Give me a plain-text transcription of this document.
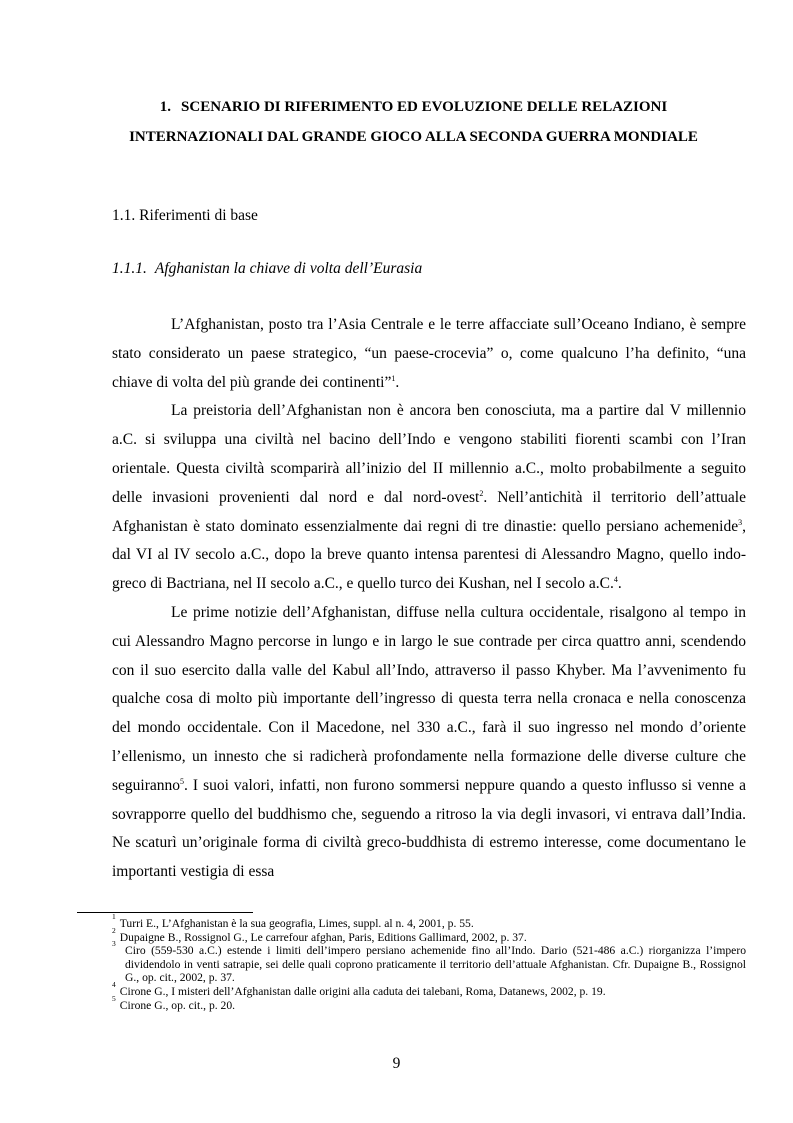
1. SCENARIO DI RIFERIMENTO ED EVOLUZIONE DELLE RELAZIONI
INTERNAZIONALI DAL GRANDE GIOCO ALLA SECONDA GUERRA MONDIALE
1.1. Riferimenti di base
1.1.1. Afghanistan la chiave di volta dell’Eurasia

L’Afghanistan, posto tra l’Asia Centrale e le terre affacciate sull’Oceano Indiano, è sempre stato considerato un paese strategico, “un paese-crocevia” o, come qualcuno l’ha definito, “una chiave di volta del più grande dei continenti”$^1$.

La preistoria dell’Afghanistan non è ancora ben conosciuta, ma a partire dal V millennio a.C. si sviluppa una civiltà nel bacino dell’Indo e vengono stabiliti fiorenti scambi con l’Iran orientale. Questa civiltà scomparirà all’inizio del II millennio a.C., molto probabilmente a seguito delle invasioni provenienti dal nord e dal nord-ovest$^2$. Nell’antichità il territorio dell’attuale Afghanistan è stato dominato essenzialmente dai regni di tre dinastie: quello persiano achemenide$^3$, dal VI al IV secolo a.C., dopo la breve quanto intensa parentesi di Alessandro Magno, quello indo-greco di Bactriana, nel II secolo a.C., e quello turco dei Kushan, nel I secolo a.C.$^4$.

Le prime notizie dell’Afghanistan, diffuse nella cultura occidentale, risalgono al tempo in cui Alessandro Magno percorse in lungo e in largo le sue contrade per circa quattro anni, scendendo con il suo esercito dalla valle del Kabul all’Indo, attraverso il passo Khyber. Ma l’avvenimento fu qualche cosa di molto più importante dell’ingresso di questa terra nella cronaca e nella conoscenza del mondo occidentale. Con il Macedone, nel 330 a.C., farà il suo ingresso nel mondo d’oriente l’ellenismo, un innesto che si radicherà profondamente nella formazione delle diverse culture che seguiranno$^5$. I suoi valori, infatti, non furono sommersi neppure quando a questo influsso si venne a sovrapporre quello del buddhismo che, seguendo a ritroso la via degli invasori, vi entrava dall’India. Ne scaturì un’originale forma di civiltà greco-buddhista di estremo interesse, come documentano le importanti vestigia di essa

1
Turri E., L’Afghanistan è la sua geografia, Limes, suppl. al n. 4, 2001, p. 55.
2
Dupaigne B., Rossignol G., Le carrefour afghan, Paris, Editions Gallimard, 2002, p. 37.
3
Ciro (559-530 a.C.) estende i limiti dell’impero persiano achemenide fino all’Indo. Dario (521-486 a.C.) riorganizza l’impero dividendolo in venti satrapie, sei delle quali coprono praticamente il territorio dell’attuale Afghanistan. Cfr. Dupaigne B., Rossignol G., op. cit., 2002, p. 37.
4
Cirone G., I misteri dell’Afghanistan dalle origini alla caduta dei talebani, Roma, Datanews, 2002, p. 19.
5
Cirone G., op. cit., p. 20.
9
